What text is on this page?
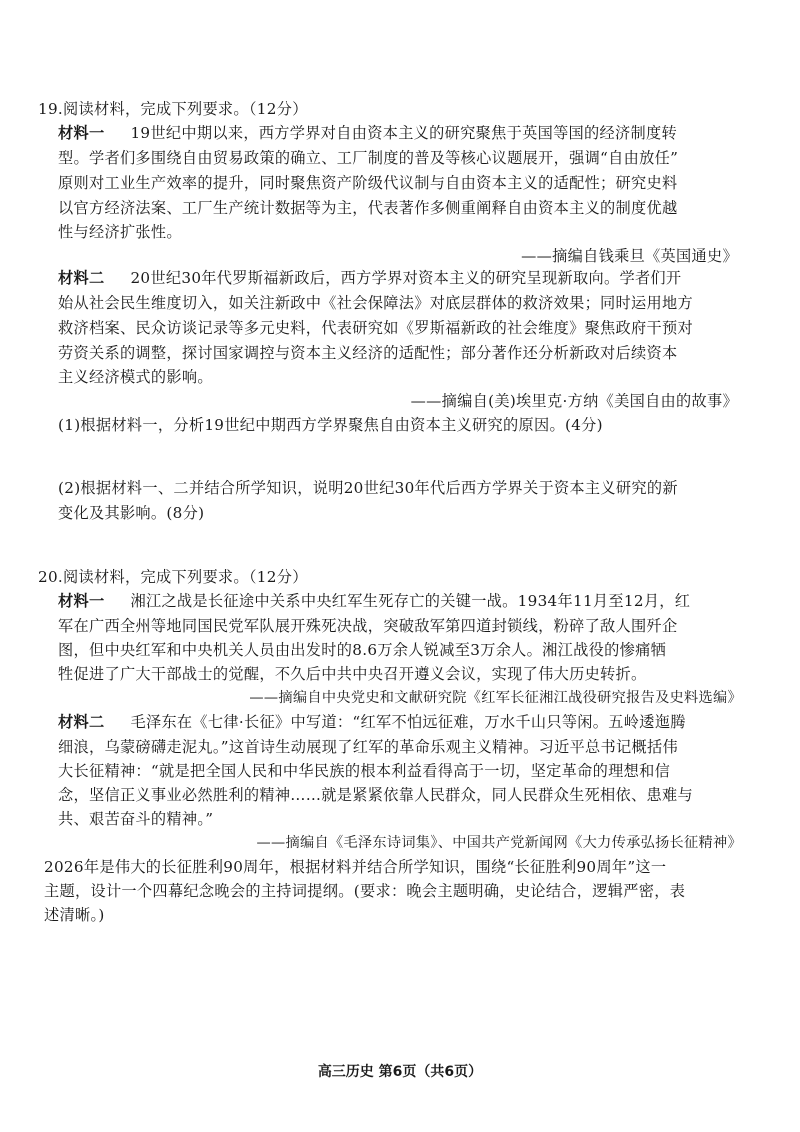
19.阅读材料，完成下列要求。（12分）
材料一 19世纪中期以来，西方学界对自由资本主义的研究聚焦于英国等国的经济制度转
型。学者们多围绕自由贸易政策的确立、工厂制度的普及等核心议题展开，强调“自由放任”
原则对工业生产效率的提升，同时聚焦资产阶级代议制与自由资本主义的适配性；研究史料
以官方经济法案、工厂生产统计数据等为主，代表著作多侧重阐释自由资本主义的制度优越
性与经济扩张性。
——摘编自钱乘旦《英国通史》
材料二 20世纪30年代罗斯福新政后，西方学界对资本主义的研究呈现新取向。学者们开
始从社会民生维度切入，如关注新政中《社会保障法》对底层群体的救济效果；同时运用地方
救济档案、民众访谈记录等多元史料，代表研究如《罗斯福新政的社会维度》聚焦政府干预对
劳资关系的调整，探讨国家调控与资本主义经济的适配性；部分著作还分析新政对后续资本
主义经济模式的影响。
——摘编自(美)埃里克·方纳《美国自由的故事》
(1)根据材料一，分析19世纪中期西方学界聚焦自由资本主义研究的原因。(4分)
(2)根据材料一、二并结合所学知识，说明20世纪30年代后西方学界关于资本主义研究的新
变化及其影响。(8分)
20.阅读材料，完成下列要求。（12分）
材料一 湘江之战是长征途中关系中央红军生死存亡的关键一战。1934年11月至12月，红
军在广西全州等地同国民党军队展开殊死决战，突破敌军第四道封锁线，粉碎了敌人围歼企
图，但中央红军和中央机关人员由出发时的8.6万余人锐减至3万余人。湘江战役的惨痛牺
牲促进了广大干部战士的觉醒，不久后中共中央召开遵义会议，实现了伟大历史转折。
——摘编自中央党史和文献研究院《红军长征湘江战役研究报告及史料选编》
材料二 毛泽东在《七律·长征》中写道：“红军不怕远征难，万水千山只等闲。五岭逶迤腾
细浪，乌蒙磅礴走泥丸。”这首诗生动展现了红军的革命乐观主义精神。习近平总书记概括伟
大长征精神：“就是把全国人民和中华民族的根本利益看得高于一切，坚定革命的理想和信
念，坚信正义事业必然胜利的精神……就是紧紧依靠人民群众，同人民群众生死相依、患难与
共、艰苦奋斗的精神。”
——摘编自《毛泽东诗词集》、中国共产党新闻网《大力传承弘扬长征精神》
2026年是伟大的长征胜利90周年，根据材料并结合所学知识，围绕“长征胜利90周年”这一
主题，设计一个四幕纪念晚会的主持词提纲。(要求：晚会主题明确，史论结合，逻辑严密，表
述清晰。)
高三历史 第6页（共6页）
